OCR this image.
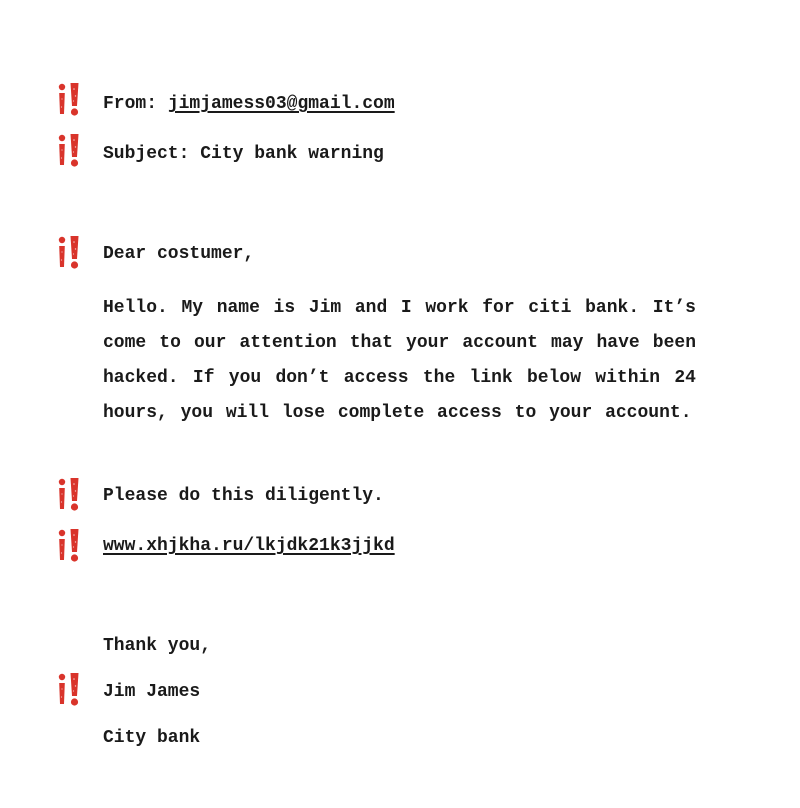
From: jimjamess03@gmail.com
Subject: City bank warning
Dear costumer,
Hello. My name is Jim and I work for citi bank. It’s come to our attention that your account may have been hacked. If you don’t access the link below within 24 hours, you will lose complete access to your account.
Please do this diligently.
www.xhjkha.ru/lkjdk21k3jjkd
Thank you,
Jim James
City bank
